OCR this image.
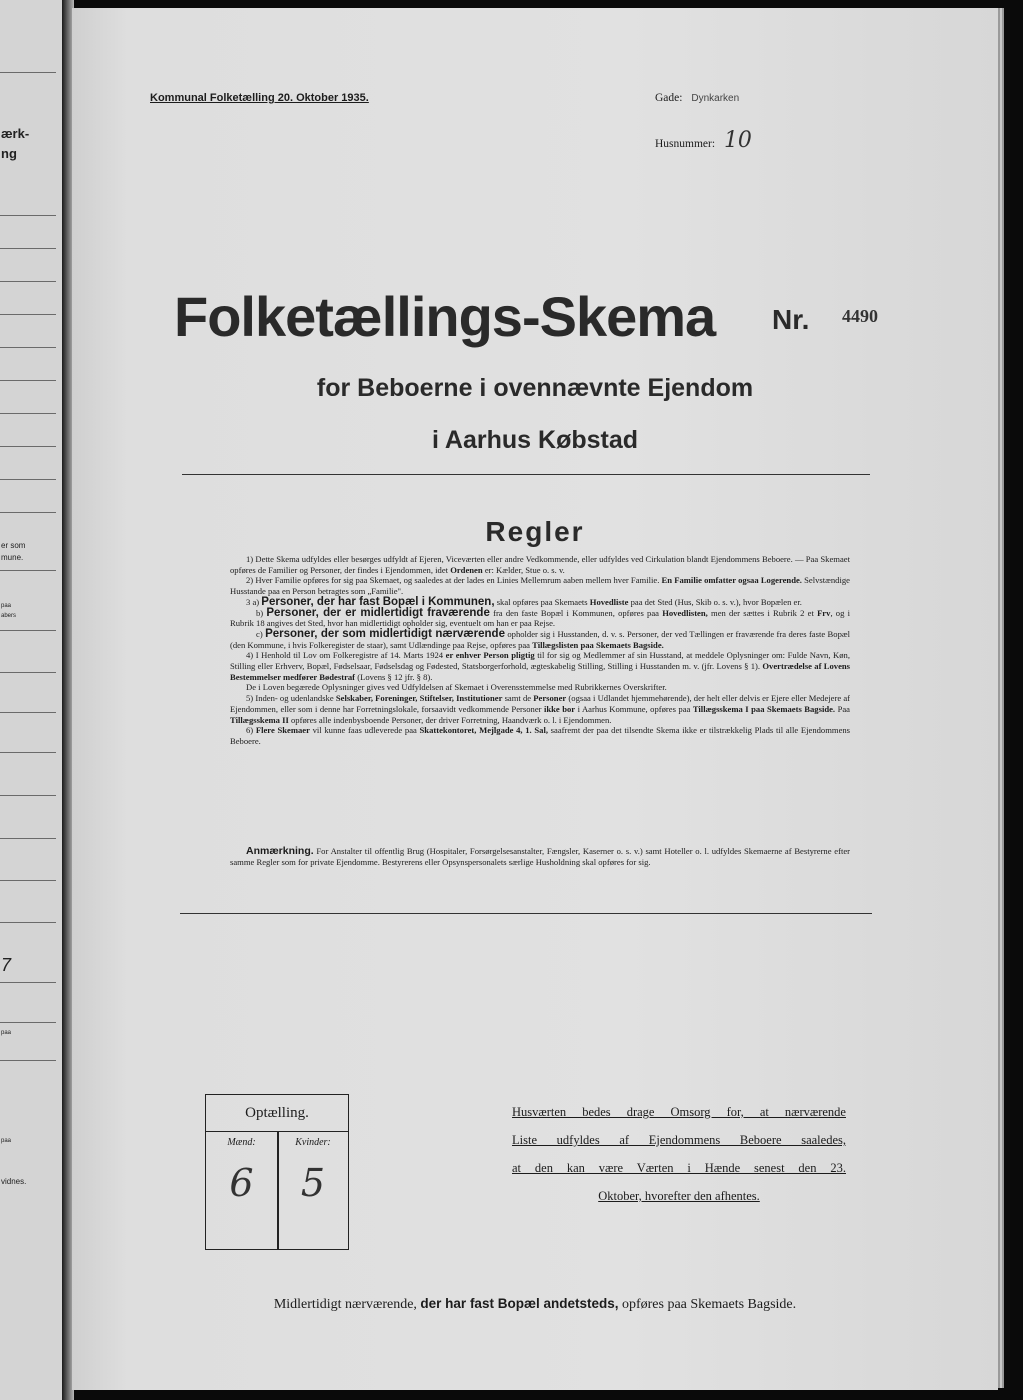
ærk-
ng
er som
mune.
paa
abers
7
paa
paa
vidnes.
Kommunal Folketælling 20. Oktober 1935.	Gade: Dynkarken
Husnummer: 10
Folketællings-Skema Nr. 4490
for Beboerne i ovennævnte Ejendom
i Aarhus Købstad
Regler

1) Dette Skema udfyldes eller besørges udfyldt af Ejeren, Viceværten eller andre Vedkommende, eller udfyldes ved Cirkulation blandt Ejendommens Beboere. — Paa Skemaet opføres de Familier og Personer, der findes i Ejendommen, idet Ordenen er: Kælder, Stue o. s. v.

2) Hver Familie opføres for sig paa Skemaet, og saaledes at der lades en Linies Mellemrum aaben mellem hver Familie. En Familie omfatter ogsaa Logerende. Selvstændige Husstande paa en Person betragtes som „Familie".

3 a) Personer, der har fast Bopæl i Kommunen, skal opføres paa Skemaets Hovedliste paa det Sted (Hus, Skib o. s. v.), hvor Bopælen er.

b) Personer, der er midlertidigt fraværende fra den faste Bopæl i Kommunen, opføres paa Hovedlisten, men der sættes i Rubrik 2 et Frv, og i Rubrik 18 angives det Sted, hvor han midlertidigt opholder sig, eventuelt om han er paa Rejse.

c) Personer, der som midlertidigt nærværende opholder sig i Husstanden, d. v. s. Personer, der ved Tællingen er fraværende fra deres faste Bopæl (den Kommune, i hvis Folkeregister de staar), samt Udlændinge paa Rejse, opføres paa Tillægslisten paa Skemaets Bagside.

4) I Henhold til Lov om Folkeregistre af 14. Marts 1924 er enhver Person pligtig til for sig og Medlemmer af sin Husstand, at meddele Oplysninger om: Fulde Navn, Køn, Stilling eller Erhverv, Bopæl, Fødselsaar, Fødselsdag og Fødested, Statsborgerforhold, ægteskabelig Stilling, Stilling i Husstanden m. v. (jfr. Lovens § 1). Overtrædelse af Lovens Bestemmelser medfører Bødestraf (Lovens § 12 jfr. § 8).

De i Loven begærede Oplysninger gives ved Udfyldelsen af Skemaet i Overensstemmelse med Rubrikkernes Overskrifter.

5) Inden- og udenlandske Selskaber, Foreninger, Stiftelser, Institutioner samt de Personer (ogsaa i Udlandet hjemmehørende), der helt eller delvis er Ejere eller Medejere af Ejendommen, eller som i denne har Forretningslokale, forsaavidt vedkommende Personer ikke bor i Aarhus Kommune, opføres paa Tillægsskema I paa Skemaets Bagside. Paa Tillægsskema II opføres alle indenbysboende Personer, der driver Forretning, Haandværk o. l. i Ejendommen.

6) Flere Skemaer vil kunne faas udleverede paa Skattekontoret, Mejlgade 4, 1. Sal, saafremt der paa det tilsendte Skema ikke er tilstrækkelig Plads til alle Ejendommens Beboere.

Anmærkning. For Anstalter til offentlig Brug (Hospitaler, Forsørgelsesanstalter, Fængsler, Kaserner o. s. v.) samt Hoteller o. l. udfyldes Skemaerne af Bestyrerne efter samme Regler som for private Ejendomme. Bestyrerens eller Opsynspersonalets særlige Husholdning skal opføres for sig.

Optælling.
Mænd:	Kvinder:
6	5
Husværten bedes drage Omsorg for, at nærværende
Liste udfyldes af Ejendommens Beboere saaledes,
at den kan være Værten i Hænde senest den 23.
Oktober, hvorefter den afhentes.
Midlertidigt nærværende, der har fast Bopæl andetsteds, opføres paa Skemaets Bagside.
